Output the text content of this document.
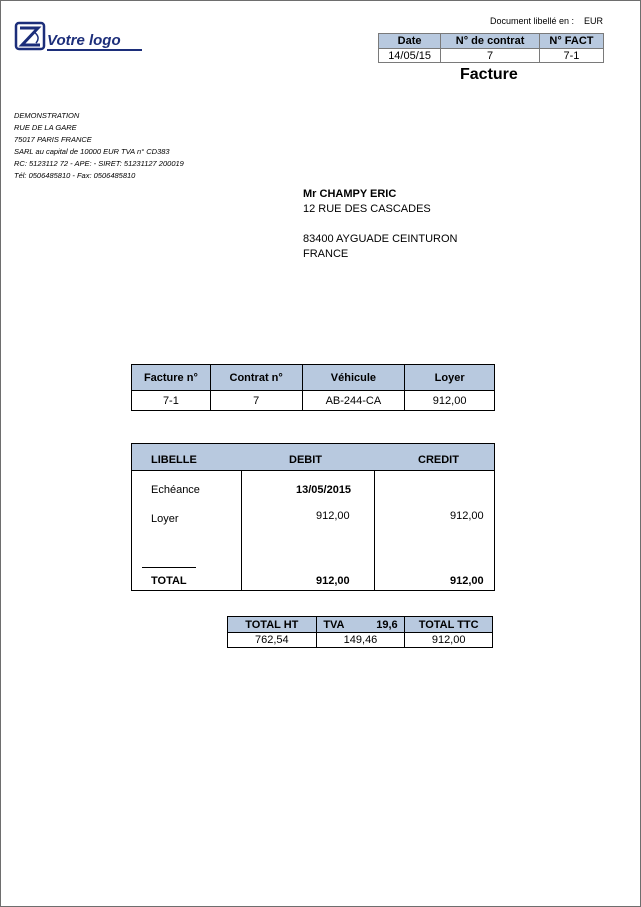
Votre logo
Document libellé en : EUR
Date	N° de contrat	N° FACT
14/05/15	7	7-1
Facture
DEMONSTRATION
RUE DE LA GARE
75017 PARIS FRANCE
SARL au capital de 10000 EUR TVA n° CD383
RC: 5123112 72 - APE: - SIRET: 51231127 200019
Tél: 0506485810 - Fax: 0506485810
Mr CHAMPY ERIC
12 RUE DES CASCADES
83400 AYGUADE CEINTURON
FRANCE
Facture n°	Contrat n°	Véhicule	Loyer
7-1	7	AB-244-CA	912,00
LIBELLE	DEBIT	CREDIT
Echéance	13/05/2015
Loyer	912,00	912,00
TOTAL	912,00	912,00
TOTAL HT	TVA 19,6	TOTAL TTC
762,54	149,46	912,00
